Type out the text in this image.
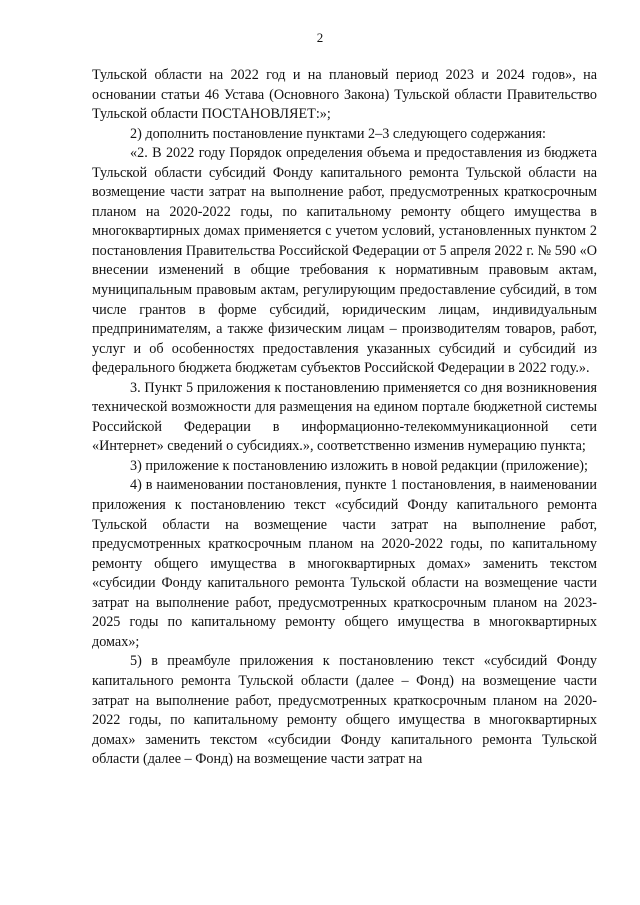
2

Тульской области на 2022 год и на плановый период 2023 и 2024 годов», на основании статьи 46 Устава (Основного Закона) Тульской области Правительство Тульской области ПОСТАНОВЛЯЕТ:»;

2) дополнить постановление пунктами 2–3 следующего содержания:

«2. В 2022 году Порядок определения объема и предоставления из бюджета Тульской области субсидий Фонду капитального ремонта Тульской области на возмещение части затрат на выполнение работ, предусмотренных краткосрочным планом на 2020-2022 годы, по капитальному ремонту общего имущества в многоквартирных домах применяется с учетом условий, установленных пунктом 2 постановления Правительства Российской Федерации от 5 апреля 2022 г. № 590 «О внесении изменений в общие требования к нормативным правовым актам, муниципальным правовым актам, регулирующим предоставление субсидий, в том числе грантов в форме субсидий, юридическим лицам, индивидуальным предпринимателям, а также физическим лицам – производителям товаров, работ, услуг и об особенностях предоставления указанных субсидий и субсидий из федерального бюджета бюджетам субъектов Российской Федерации в 2022 году.».

3. Пункт 5 приложения к постановлению применяется со дня возникновения технической возможности для размещения на едином портале бюджетной системы Российской Федерации в информационно-телекоммуникационной сети «Интернет» сведений о субсидиях.», соответственно изменив нумерацию пункта;

3) приложение к постановлению изложить в новой редакции (приложение);

4) в наименовании постановления, пункте 1 постановления, в наименовании приложения к постановлению текст «субсидий Фонду капитального ремонта Тульской области на возмещение части затрат на выполнение работ, предусмотренных краткосрочным планом на 2020-2022 годы, по капитальному ремонту общего имущества в многоквартирных домах» заменить текстом «субсидии Фонду капитального ремонта Тульской области на возмещение части затрат на выполнение работ, предусмотренных краткосрочным планом на 2023-2025 годы по капитальному ремонту общего имущества в многоквартирных домах»;

5) в преамбуле приложения к постановлению текст «субсидий Фонду капитального ремонта Тульской области (далее – Фонд) на возмещение части затрат на выполнение работ, предусмотренных краткосрочным планом на 2020-2022 годы, по капитальному ремонту общего имущества в многоквартирных домах» заменить текстом «субсидии Фонду капитального ремонта Тульской области (далее – Фонд) на возмещение части затрат на
